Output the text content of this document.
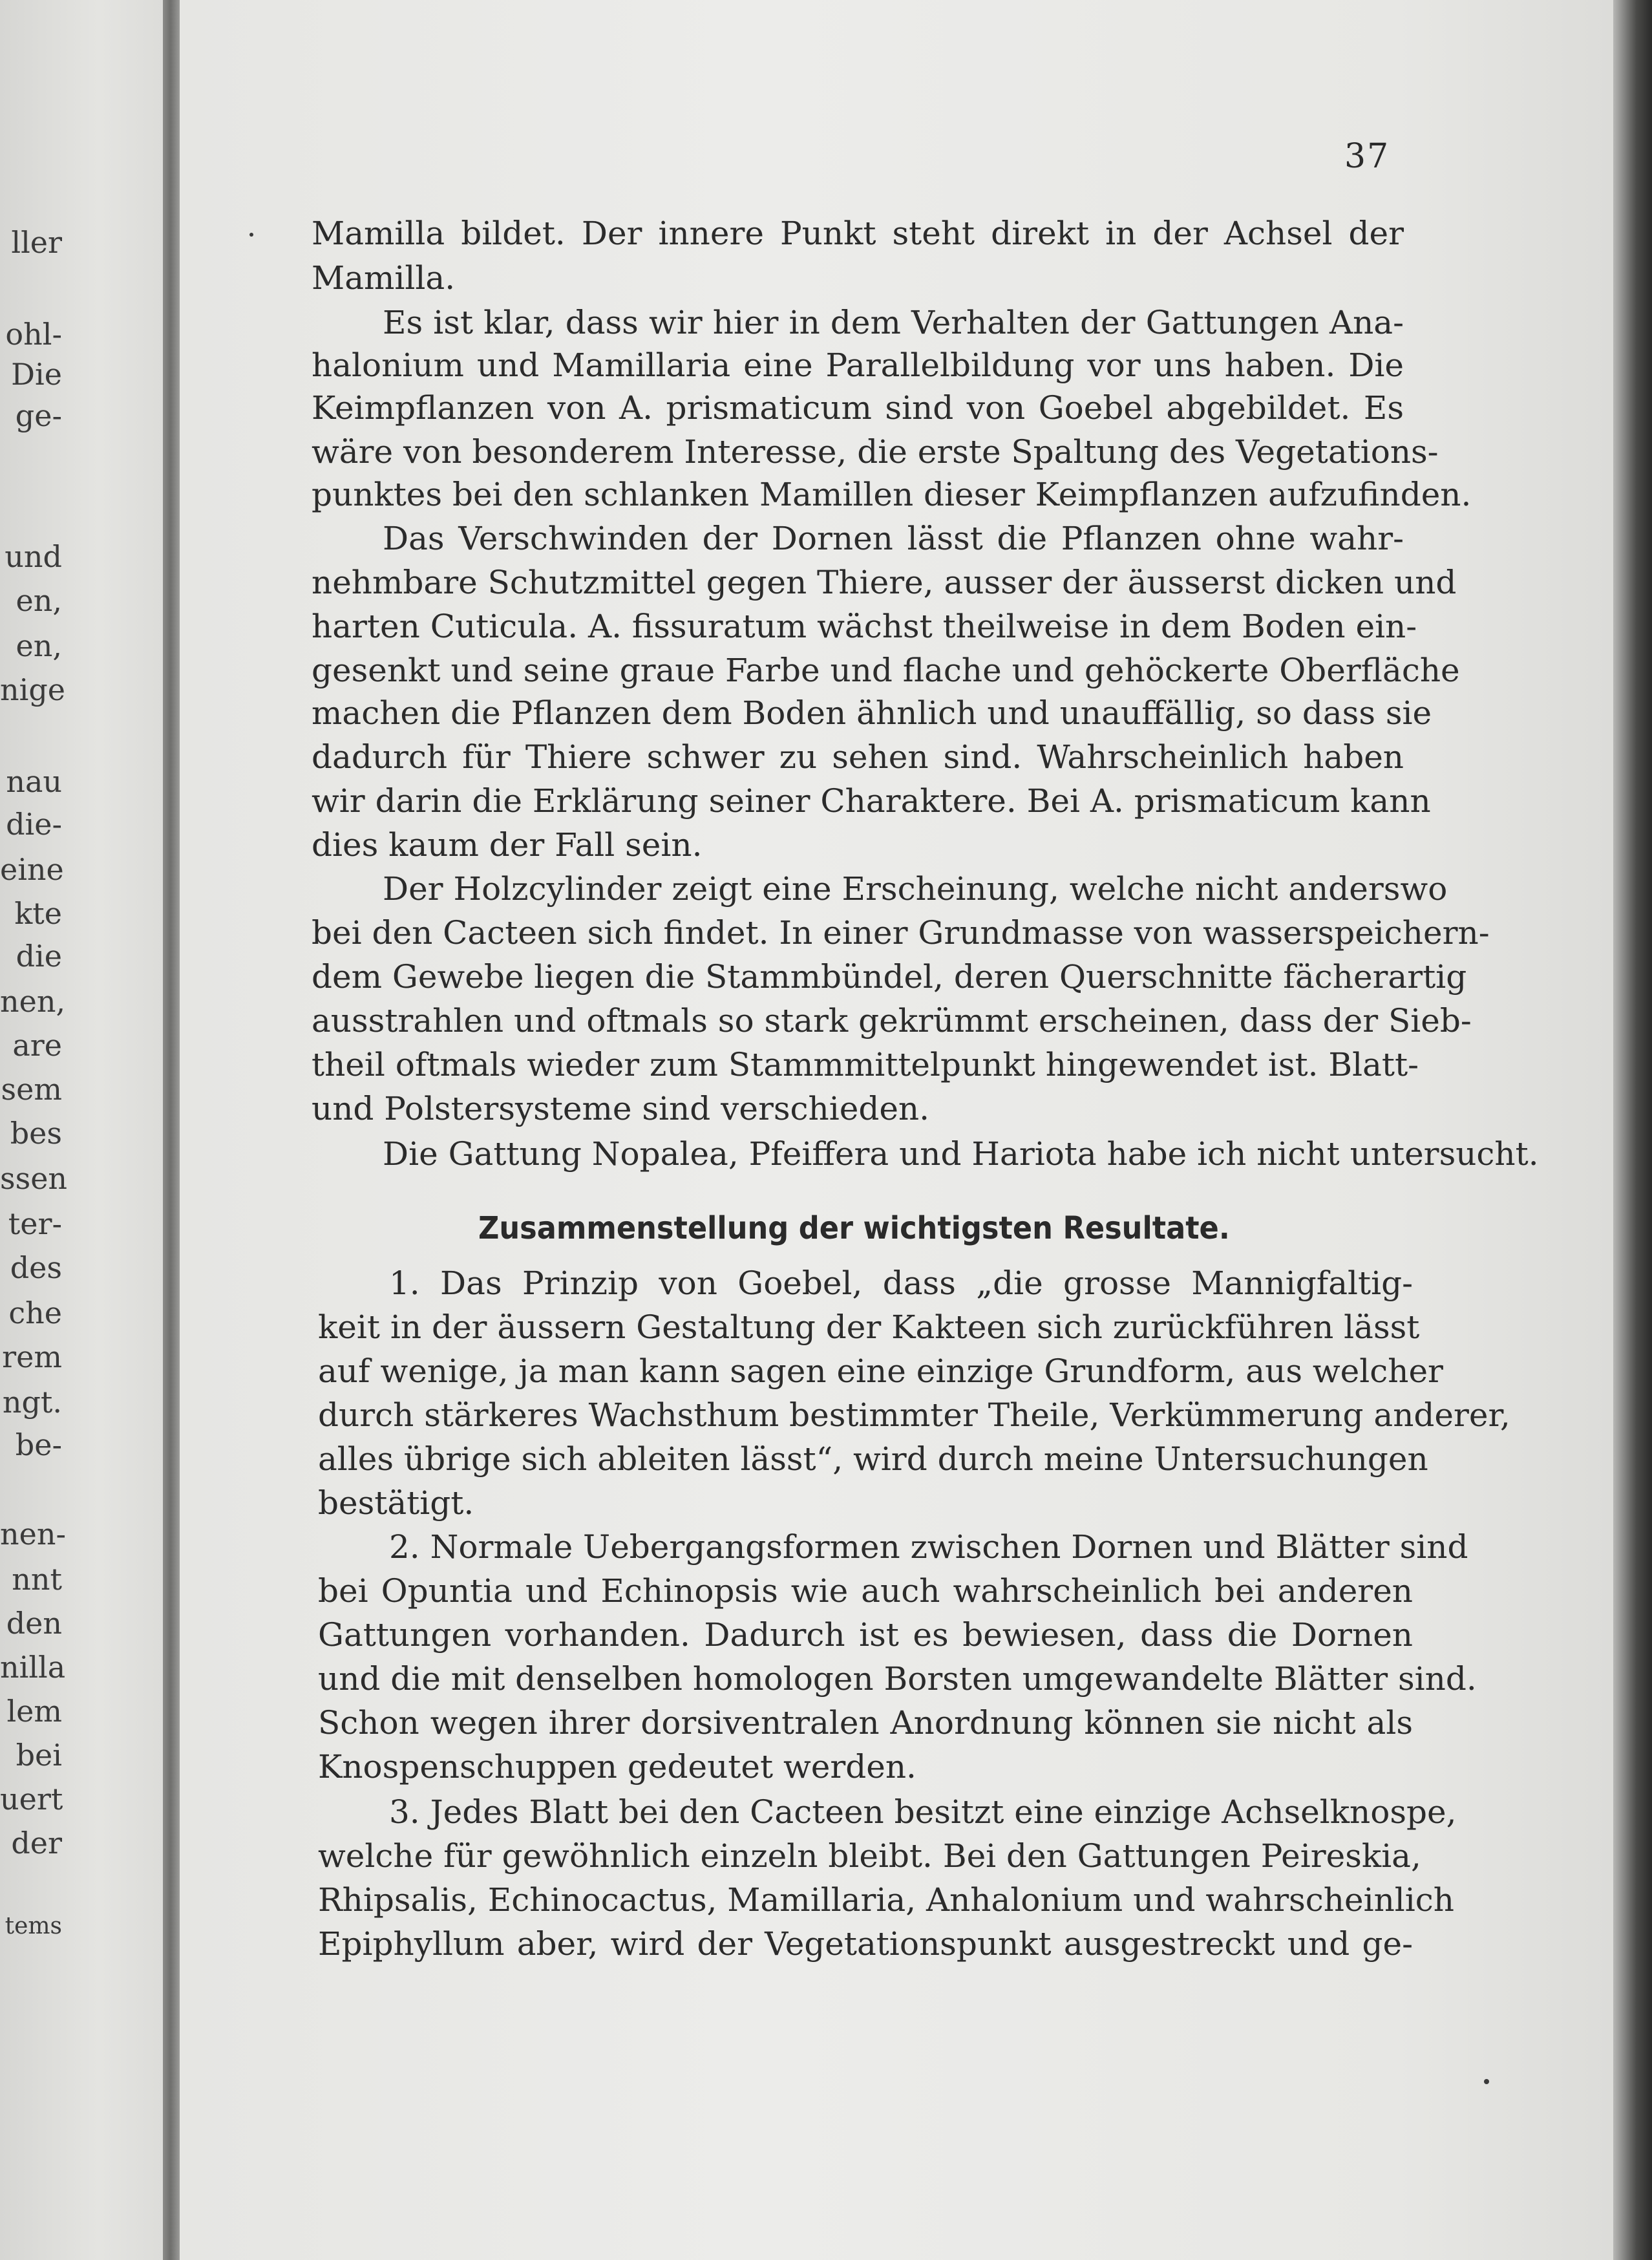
ller
ohl-
Die
ge-
und
en,
en,
nige
nau
die-
eine
kte
die
nen,
are
sem
bes
ssen
ter-
des
che
rem
ngt.
be-
nen-
nnt
den
nilla
lem
bei
uert
der
tems
37
Mamilla bildet. Der innere Punkt steht direkt in der Achsel der
Mamilla.
Es ist klar, dass wir hier in dem Verhalten der Gattungen Ana-
halonium und Mamillaria eine Parallelbildung vor uns haben. Die
Keimpflanzen von A. prismaticum sind von Goebel abgebildet. Es
wäre von besonderem Interesse, die erste Spaltung des Vegetations-
punktes bei den schlanken Mamillen dieser Keimpflanzen aufzufinden.
Das Verschwinden der Dornen lässt die Pflanzen ohne wahr-
nehmbare Schutzmittel gegen Thiere, ausser der äusserst dicken und
harten Cuticula. A. fissuratum wächst theilweise in dem Boden ein-
gesenkt und seine graue Farbe und flache und gehöckerte Oberfläche
machen die Pflanzen dem Boden ähnlich und unauffällig, so dass sie
dadurch für Thiere schwer zu sehen sind. Wahrscheinlich haben
wir darin die Erklärung seiner Charaktere. Bei A. prismaticum kann
dies kaum der Fall sein.
Der Holzcylinder zeigt eine Erscheinung, welche nicht anderswo
bei den Cacteen sich findet. In einer Grundmasse von wasserspeichern-
dem Gewebe liegen die Stammbündel, deren Querschnitte fächerartig
ausstrahlen und oftmals so stark gekrümmt erscheinen, dass der Sieb-
theil oftmals wieder zum Stammmittelpunkt hingewendet ist. Blatt-
und Polstersysteme sind verschieden.
Die Gattung Nopalea, Pfeiffera und Hariota habe ich nicht untersucht.
1. Das Prinzip von Goebel, dass „die grosse Mannigfaltig-
keit in der äussern Gestaltung der Kakteen sich zurückführen lässt
auf wenige, ja man kann sagen eine einzige Grundform, aus welcher
durch stärkeres Wachsthum bestimmter Theile, Verkümmerung anderer,
alles übrige sich ableiten lässt“, wird durch meine Untersuchungen
bestätigt.
2. Normale Uebergangsformen zwischen Dornen und Blätter sind
bei Opuntia und Echinopsis wie auch wahrscheinlich bei anderen
Gattungen vorhanden. Dadurch ist es bewiesen, dass die Dornen
und die mit denselben homologen Borsten umgewandelte Blätter sind.
Schon wegen ihrer dorsiventralen Anordnung können sie nicht als
Knospenschuppen gedeutet werden.
3. Jedes Blatt bei den Cacteen besitzt eine einzige Achselknospe,
welche für gewöhnlich einzeln bleibt. Bei den Gattungen Peireskia,
Rhipsalis, Echinocactus, Mamillaria, Anhalonium und wahrscheinlich
Epiphyllum aber, wird der Vegetationspunkt ausgestreckt und ge-
Zusammenstellung der wichtigsten Resultate.
